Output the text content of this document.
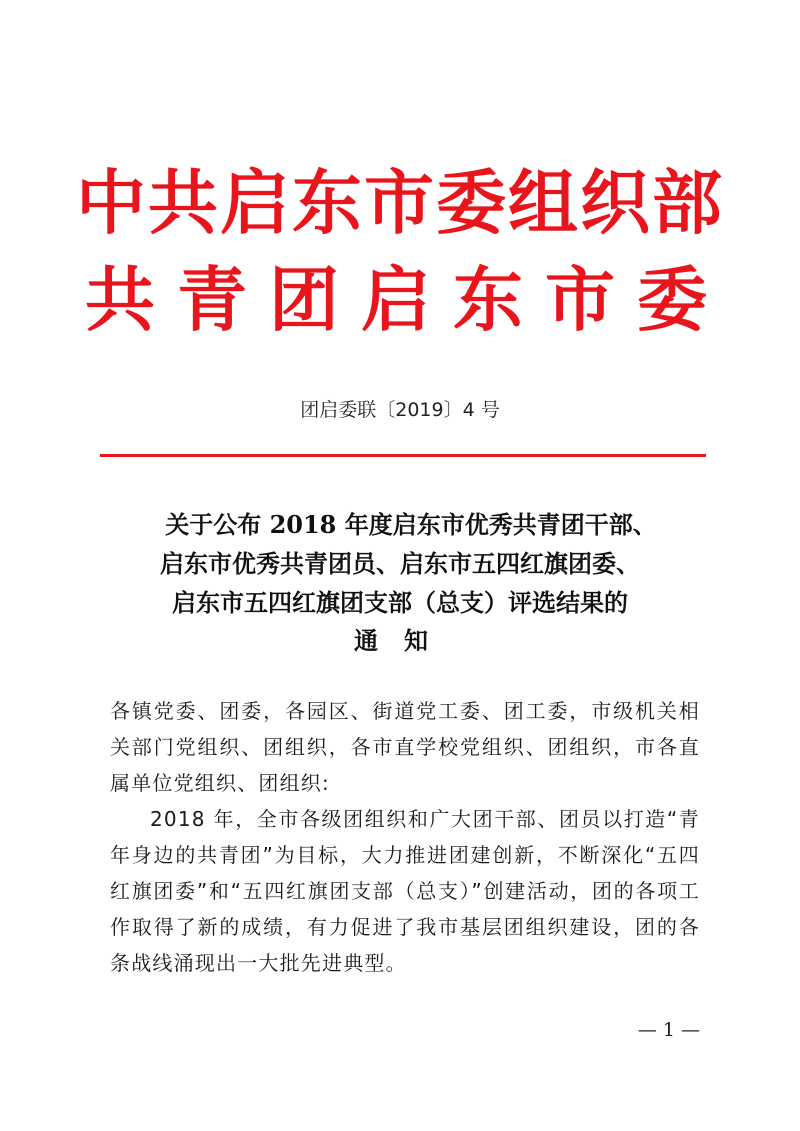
中共启东市委组织部
共青团启东市委
团启委联〔2019〕4 号
关于公布 2018 年度启东市优秀共青团干部、
启东市优秀共青团员、启东市五四红旗团委、
启东市五四红旗团支部（总支）评选结果的
通知
各镇党委、团委，各园区、街道党工委、团工委，市级机关相关部门党组织、团组织，各市直学校党组织、团组织，市各直属单位党组织、团组织:
2018 年，全市各级团组织和广大团干部、团员以打造“青年身边的共青团”为目标，大力推进团建创新，不断深化“五四红旗团委”和“五四红旗团支部（总支）”创建活动，团的各项工作取得了新的成绩，有力促进了我市基层团组织建设，团的各条战线涌现出一大批先进典型。
— 1 —
